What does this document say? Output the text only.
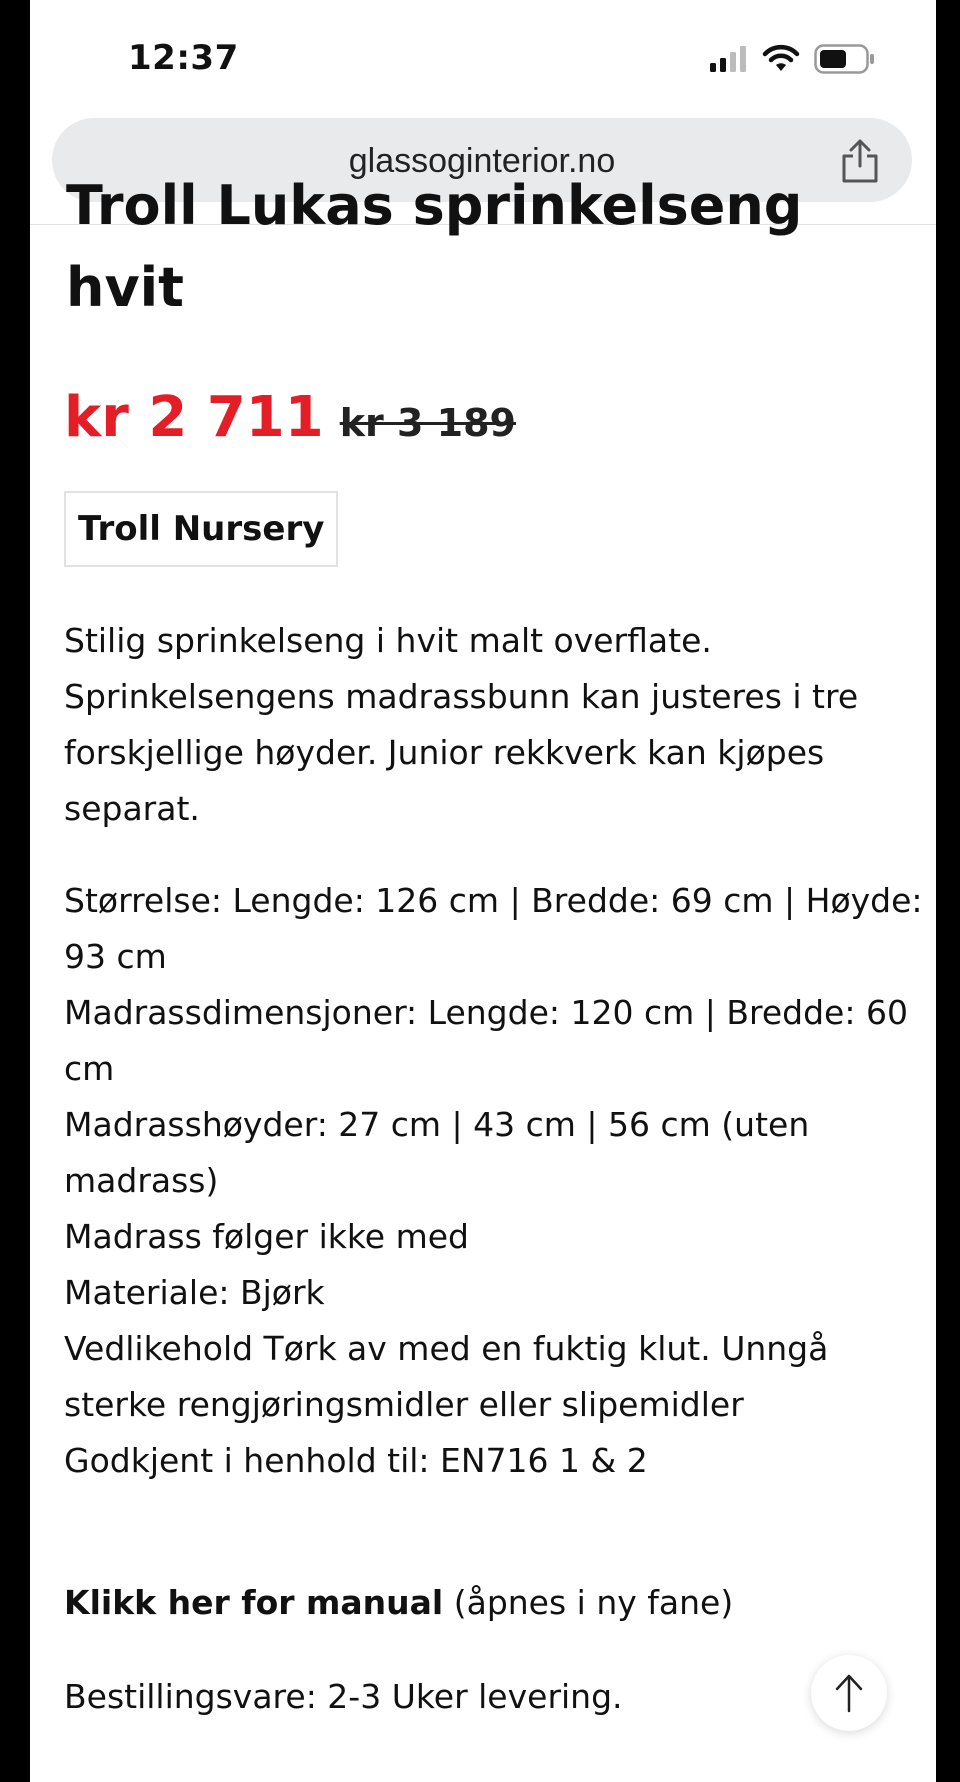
12:37
glassoginterior.no
Troll Lukas sprinkelseng hvit
kr 2 711 kr 3 189
Troll Nursery
Stilig sprinkelseng i hvit malt overflate. Sprinkelsengens madrassbunn kan justeres i tre forskjellige høyder. Junior rekkverk kan kjøpes separat.
Størrelse: Lengde: 126 cm | Bredde: 69 cm | Høyde: 93 cm
Madrassdimensjoner: Lengde: 120 cm | Bredde: 60 cm
Madrasshøyder: 27 cm | 43 cm | 56 cm (uten madrass)
Madrass følger ikke med
Materiale: Bjørk
Vedlikehold Tørk av med en fuktig klut. Unngå sterke rengjøringsmidler eller slipemidler
Godkjent i henhold til: EN716 1 & 2
Klikk her for manual (åpnes i ny fane)
Bestillingsvare: 2-3 Uker levering.
